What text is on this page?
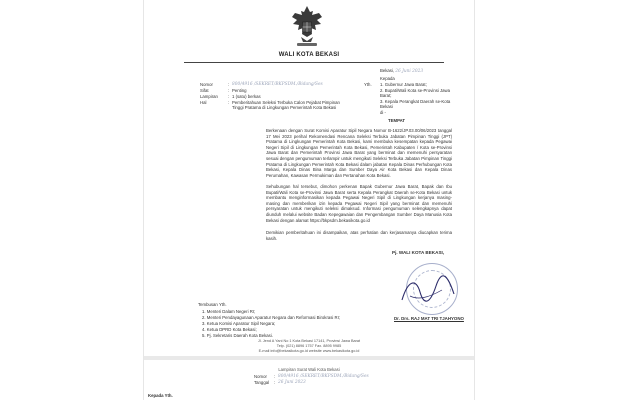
WALI KOTA BEKASI
Bekasi, 26 Juni 2023
Nomor	: 800/4916 /SEKRET/BKPSDM./Bidang/Ses
Sifat	: Penting
Lampiran : 1 (satu) berkas
Hal	: Pemberitahuan Seleksi Terbuka Calon Pejabat Pimpinan Tinggi Pratama di Lingkungan Pemerintah Kota Bekasi
Kepada
Yth. 1. Gubernur Jawa Barat;
2. Bupati/Wali Kota se-Provinsi Jawa Barat;
3. Kepala Perangkat Daerah se-Kota Bekasi
di -
TEMPAT
Berkenaan dengan Surat Komisi Aparatur Sipil Negara Nomor B-1622/JP.03.00/06/2023 tanggal 17 Mei 2023 perihal Rekomendasi Rencana Seleksi Terbuka Jabatan Pimpinan Tinggi (JPT) Pratama di Lingkungan Pemerintah Kota Bekasi, kami membuka kesempatan kepada Pegawai Negeri Sipil di Lingkungan Pemerintah Kota Bekasi, Pemerintah Kabupaten / Kota se-Provinsi Jawa Barat dan Pemerintah Provinsi Jawa Barat yang berminat dan memenuhi persyaratan sesuai dengan pengumuman terlampir untuk mengikuti Seleksi Terbuka Jabatan Pimpinan Tinggi Pratama di Lingkungan Pemerintah Kota Bekasi dalam jabatan Kepala Dinas Perhubungan Kota Bekasi, Kepala Dinas Bina Marga dan Sumber Daya Air Kota Bekasi dan Kepala Dinas Perumahan, Kawasan Permukiman dan Pertanahan Kota Bekasi.
Sehubungan hal tersebut, dimohon perkenan Bapak Gubernur Jawa Barat, Bapak dan Ibu Bupati/Wali Kota se-Provinsi Jawa Barat serta Kepala Perangkat Daerah se-Kota Bekasi untuk membantu menginformasikan kepada Pegawai Negeri Sipil di Lingkungan kerjanya masing-masing dan memberikan izin kepada Pegawai Negeri Sipil yang berminat dan memenuhi persyaratan untuk mengikuti seleksi dimaksud. Informasi pengumuman selengkapnya dapat diunduh melalui website Badan Kepegawaian dan Pengembangan Sumber Daya Manusia Kota Bekasi dengan alamat https://bkpsdm.bekasikota.go.id
Demikian pemberitahuan ini disampaikan, atas perhatian dan kerjasamanya diucapkan terima kasih.
Pj. WALI KOTA BEKASI,
Dr. Drs. RAJ MAT TRI TJAHYONO
Tembusan Yth.
1. Menteri Dalam Negeri RI;
2. Menteri Pendayagunaan Aparatur Negara dan Reformasi Birokrasi RI;
3. Ketua Komisi Aparatur Sipil Negara;
4. Ketua DPRD Kota Bekasi;
5. Pj. Sekretaris Daerah Kota Bekasi.
Jl. Jend A Yani No 1 Kota Bekasi 17141, Provinsi Jawa Barat
Telp. (021) 8896 1757 Fax. 8895 9985
E-mail info@bekasikota.go.id website www.bekasikota.go.id
Lampiran Surat Wali Kota Bekasi
Nomor : 800/4916 /SEKRET/BKPSDM./Bidang/Ses
Tanggal : 26 Juni 2023
Kepada Yth.
